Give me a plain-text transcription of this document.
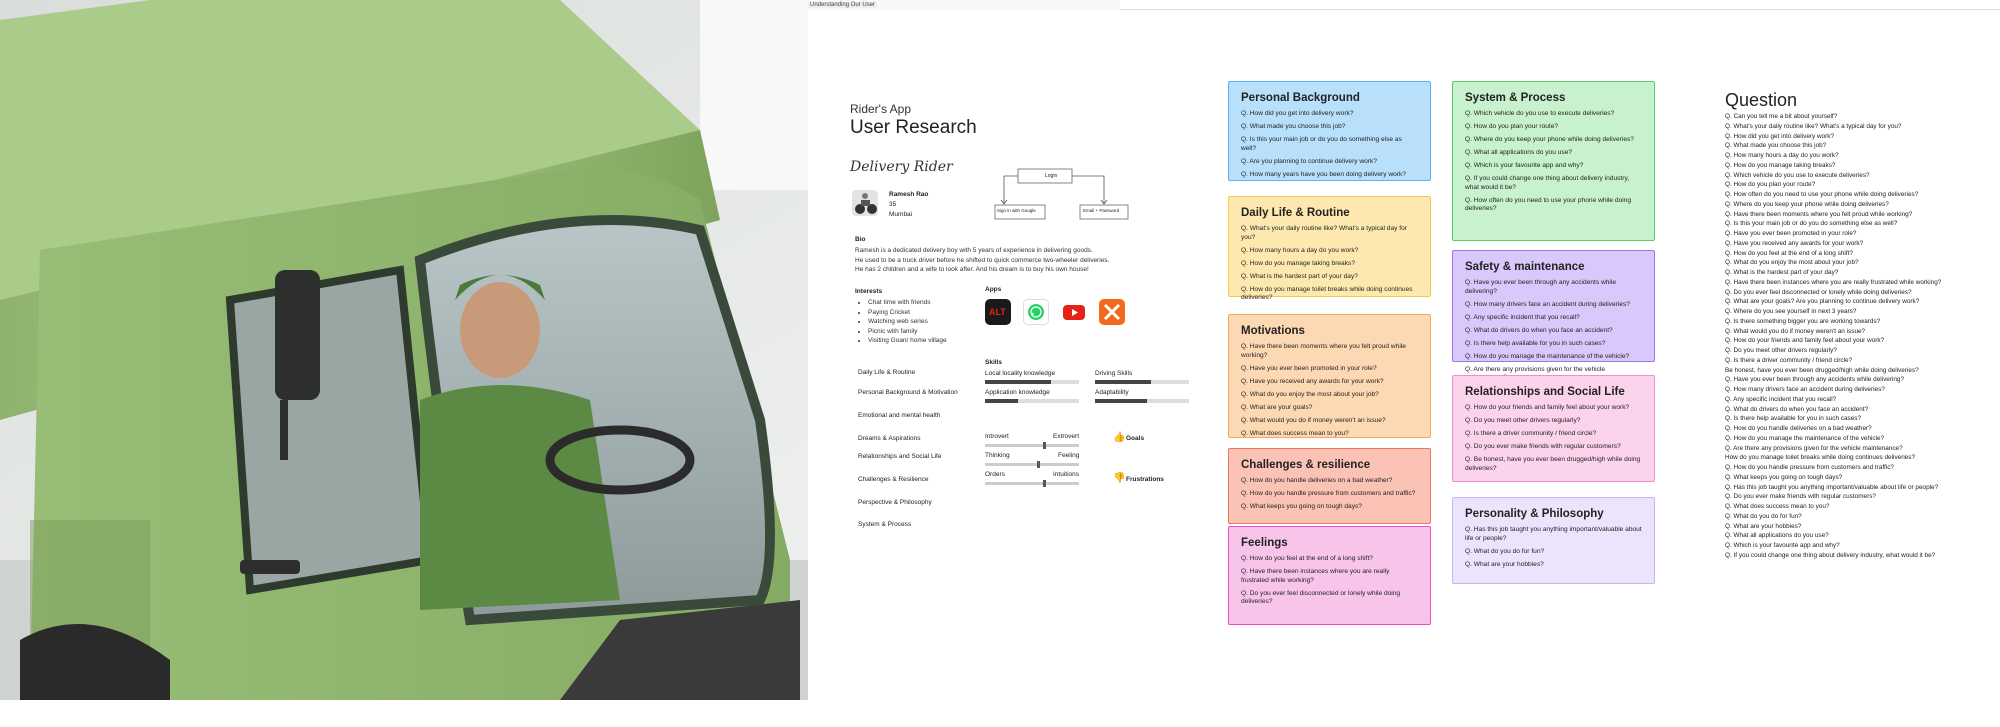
Understanding Our User
Rider's App
User Research
Delivery Rider
Ramesh Rao
35
Mumbai
Login
Sign in with Google	Email + Password
Bio
Ramesh is a dedicated delivery boy with 5 years of experience in delivering goods.
He used to be a truck driver before he shifted to quick commerce two-wheeler deliveries.
He has 2 children and a wife to look after. And his dream is to buy his own house!
Interests
• Chat time with friends
• Paying Cricket
• Watching web series
• Picnic with family
• Visiting Goan/ home village
Apps
ALT
Daily Life & Routine
Personal Background & Motivation
Emotional and mental health
Dreams & Aspirations
Relationships and Social Life
Challenges & Resilience
Perspective & Philosophy
System & Process
Skills
Local locality knowledge	Driving Skills
Application knowledge	Adaptability
Introvert	Extrovert
Thinking	Feeling
Orders	Intuitions
👍 Goals
👎 Frustrations
Personal Background
Q. How did you get into delivery work?
Q. What made you choose this job?
Q. Is this your main job or do you do something else as well?
Q. Are you planning to continue delivery work?
Q. How many years have you been doing delivery work?
Daily Life & Routine
Q. What's your daily routine like? What's a typical day for you?
Q. How many hours a day do you work?
Q. How do you manage taking breaks?
Q. What is the hardest part of your day?
Q. How do you manage toilet breaks while doing continues deliveries?
Motivations
Q. Have there been moments where you felt proud while working?
Q. Have you ever been promoted in your role?
Q. Have you received any awards for your work?
Q. What do you enjoy the most about your job?
Q. What are your goals?
Q. What would you do if money weren't an issue?
Q. What does success mean to you?
Challenges & resilience
Q. How do you handle deliveries on a bad weather?
Q. How do you handle pressure from customers and traffic?
Q. What keeps you going on tough days?
Feelings
Q. How do you feel at the end of a long shift?
Q. Have there been instances where you are really frustrated while working?
Q. Do you ever feel disconnected or lonely while doing deliveries?
System & Process
Q. Which vehicle do you use to execute deliveries?
Q. How do you plan your route?
Q. Where do you keep your phone while doing deliveries?
Q. What all applications do you use?
Q. Which is your favourite app and why?
Q. If you could change one thing about delivery industry, what would it be?
Q. How often do you need to use your phone while doing deliveries?
Safety & maintenance
Q. Have you ever been through any accidents while delivering?
Q. How many drivers face an accident during deliveries?
Q. Any specific incident that you recall?
Q. What do drivers do when you face an accident?
Q. Is there help available for you in such cases?
Q. How do you manage the maintenance of the vehicle?
Q. Are there any provisions given for the vehicle
Relationships and Social Life
Q. How do your friends and family feel about your work?
Q. Do you meet other drivers regularly?
Q. Is there a driver community / friend circle?
Q. Do you ever make friends with regular customers?
Q. Be honest, have you ever been drugged/high while doing deliveries?
Personality & Philosophy
Q. Has this job taught you anything important/valuable about life or people?
Q. What do you do for fun?
Q. What are your hobbies?
Question
Q. Can you tell me a bit about yourself?
Q. What's your daily routine like? What's a typical day for you?
Q. How did you get into delivery work?
Q. What made you choose this job?
Q. How many hours a day do you work?
Q. How do you manage taking breaks?
Q. Which vehicle do you use to execute deliveries?
Q. How do you plan your route?
Q. How often do you need to use your phone while doing deliveries?
Q. Where do you keep your phone while doing deliveries?
Q. Have there been moments where you felt proud while working?
Q. Is this your main job or do you do something else as well?
Q. Have you ever been promoted in your role?
Q. Have you received any awards for your work?
Q. How do you feel at the end of a long shift?
Q. What do you enjoy the most about your job?
Q. What is the hardest part of your day?
Q. Have there been instances where you are really frustrated while working?
Q. Do you ever feel disconnected or lonely while doing deliveries?
Q. What are your goals? Are you planning to continue delivery work?
Q. Where do you see yourself in next 3 years?
Q. Is there something bigger you are working towards?
Q. What would you do if money weren't an issue?
Q. How do your friends and family feel about your work?
Q. Do you meet other drivers regularly?
Q. Is there a driver community / friend circle?
Be honest, have you ever been drugged/high while doing deliveries?
Q. Have you ever been through any accidents while delivering?
Q. How many drivers face an accident during deliveries?
Q. Any specific incident that you recall?
Q. What do drivers do when you face an accident?
Q. Is there help available for you in such cases?
Q. How do you handle deliveries on a bad weather?
Q. How do you manage the maintenance of the vehicle?
Q. Are there any provisions given for the vehicle maintenance?
How do you manage toilet breaks while doing continues deliveries?
Q. How do you handle pressure from customers and traffic?
Q. What keeps you going on tough days?
Q. Has this job taught you anything important/valuable about life or people?
Q. Do you ever make friends with regular customers?
Q. What does success mean to you?
Q. What do you do for fun?
Q. What are your hobbies?
Q. What all applications do you use?
Q. Which is your favourite app and why?
Q. If you could change one thing about delivery industry, what would it be?
